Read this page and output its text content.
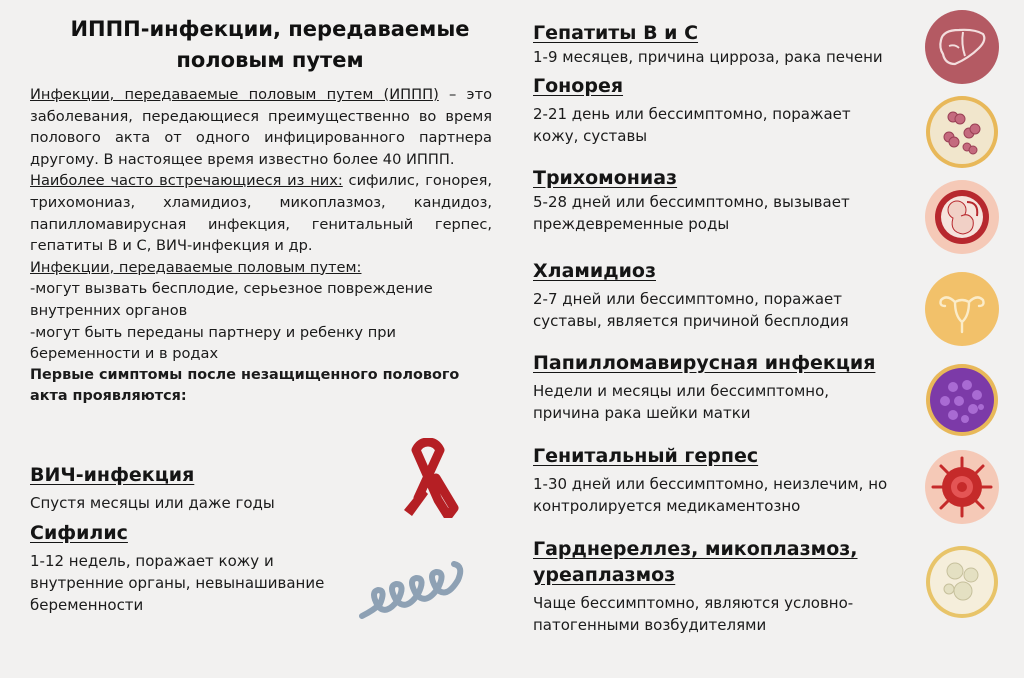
ИППП-инфекции, передаваемые половым путем

Инфекции, передаваемые половым путем (ИППП) – это заболевания, передающиеся преимущественно во время полового акта от одного инфицированного партнера другому. В настоящее время известно более 40 ИППП.

Наиболее часто встречающиеся из них: сифилис, гонорея, трихомониаз, хламидиоз, микоплазмоз, кандидоз, папилломавирусная инфекция, генитальный герпес, гепатиты В и С, ВИЧ-инфекция и др.

Инфекции, передаваемые половым путем:

-могут вызвать бесплодие, серьезное повреждение внутренних органов

-могут быть переданы партнеру и ребенку при беременности и в родах

Первые симптомы после незащищенного полового акта проявляются:

ВИЧ-инфекция

Спустя месяцы или даже годы

Сифилис

1-12 недель, поражает кожу и внутренние органы, невынашивание беременности

Гепатиты В и С

1-9 месяцев, причина цирроза, рака печени

Гонорея

2-21 день или бессимптомно, поражает кожу, суставы

Трихомониаз

5-28 дней или бессимптомно, вызывает преждевременные роды

Хламидиоз

2-7 дней или бессимптомно, поражает суставы, является причиной бесплодия

Папилломавирусная инфекция

Недели и месяцы или бессимптомно, причина рака шейки матки

Генитальный герпес

1-30 дней или бессимптомно, неизлечим, но контролируется медикаментозно

Гарднереллез, микоплазмоз, уреаплазмоз

Чаще бессимптомно, являются условно-патогенными возбудителями
